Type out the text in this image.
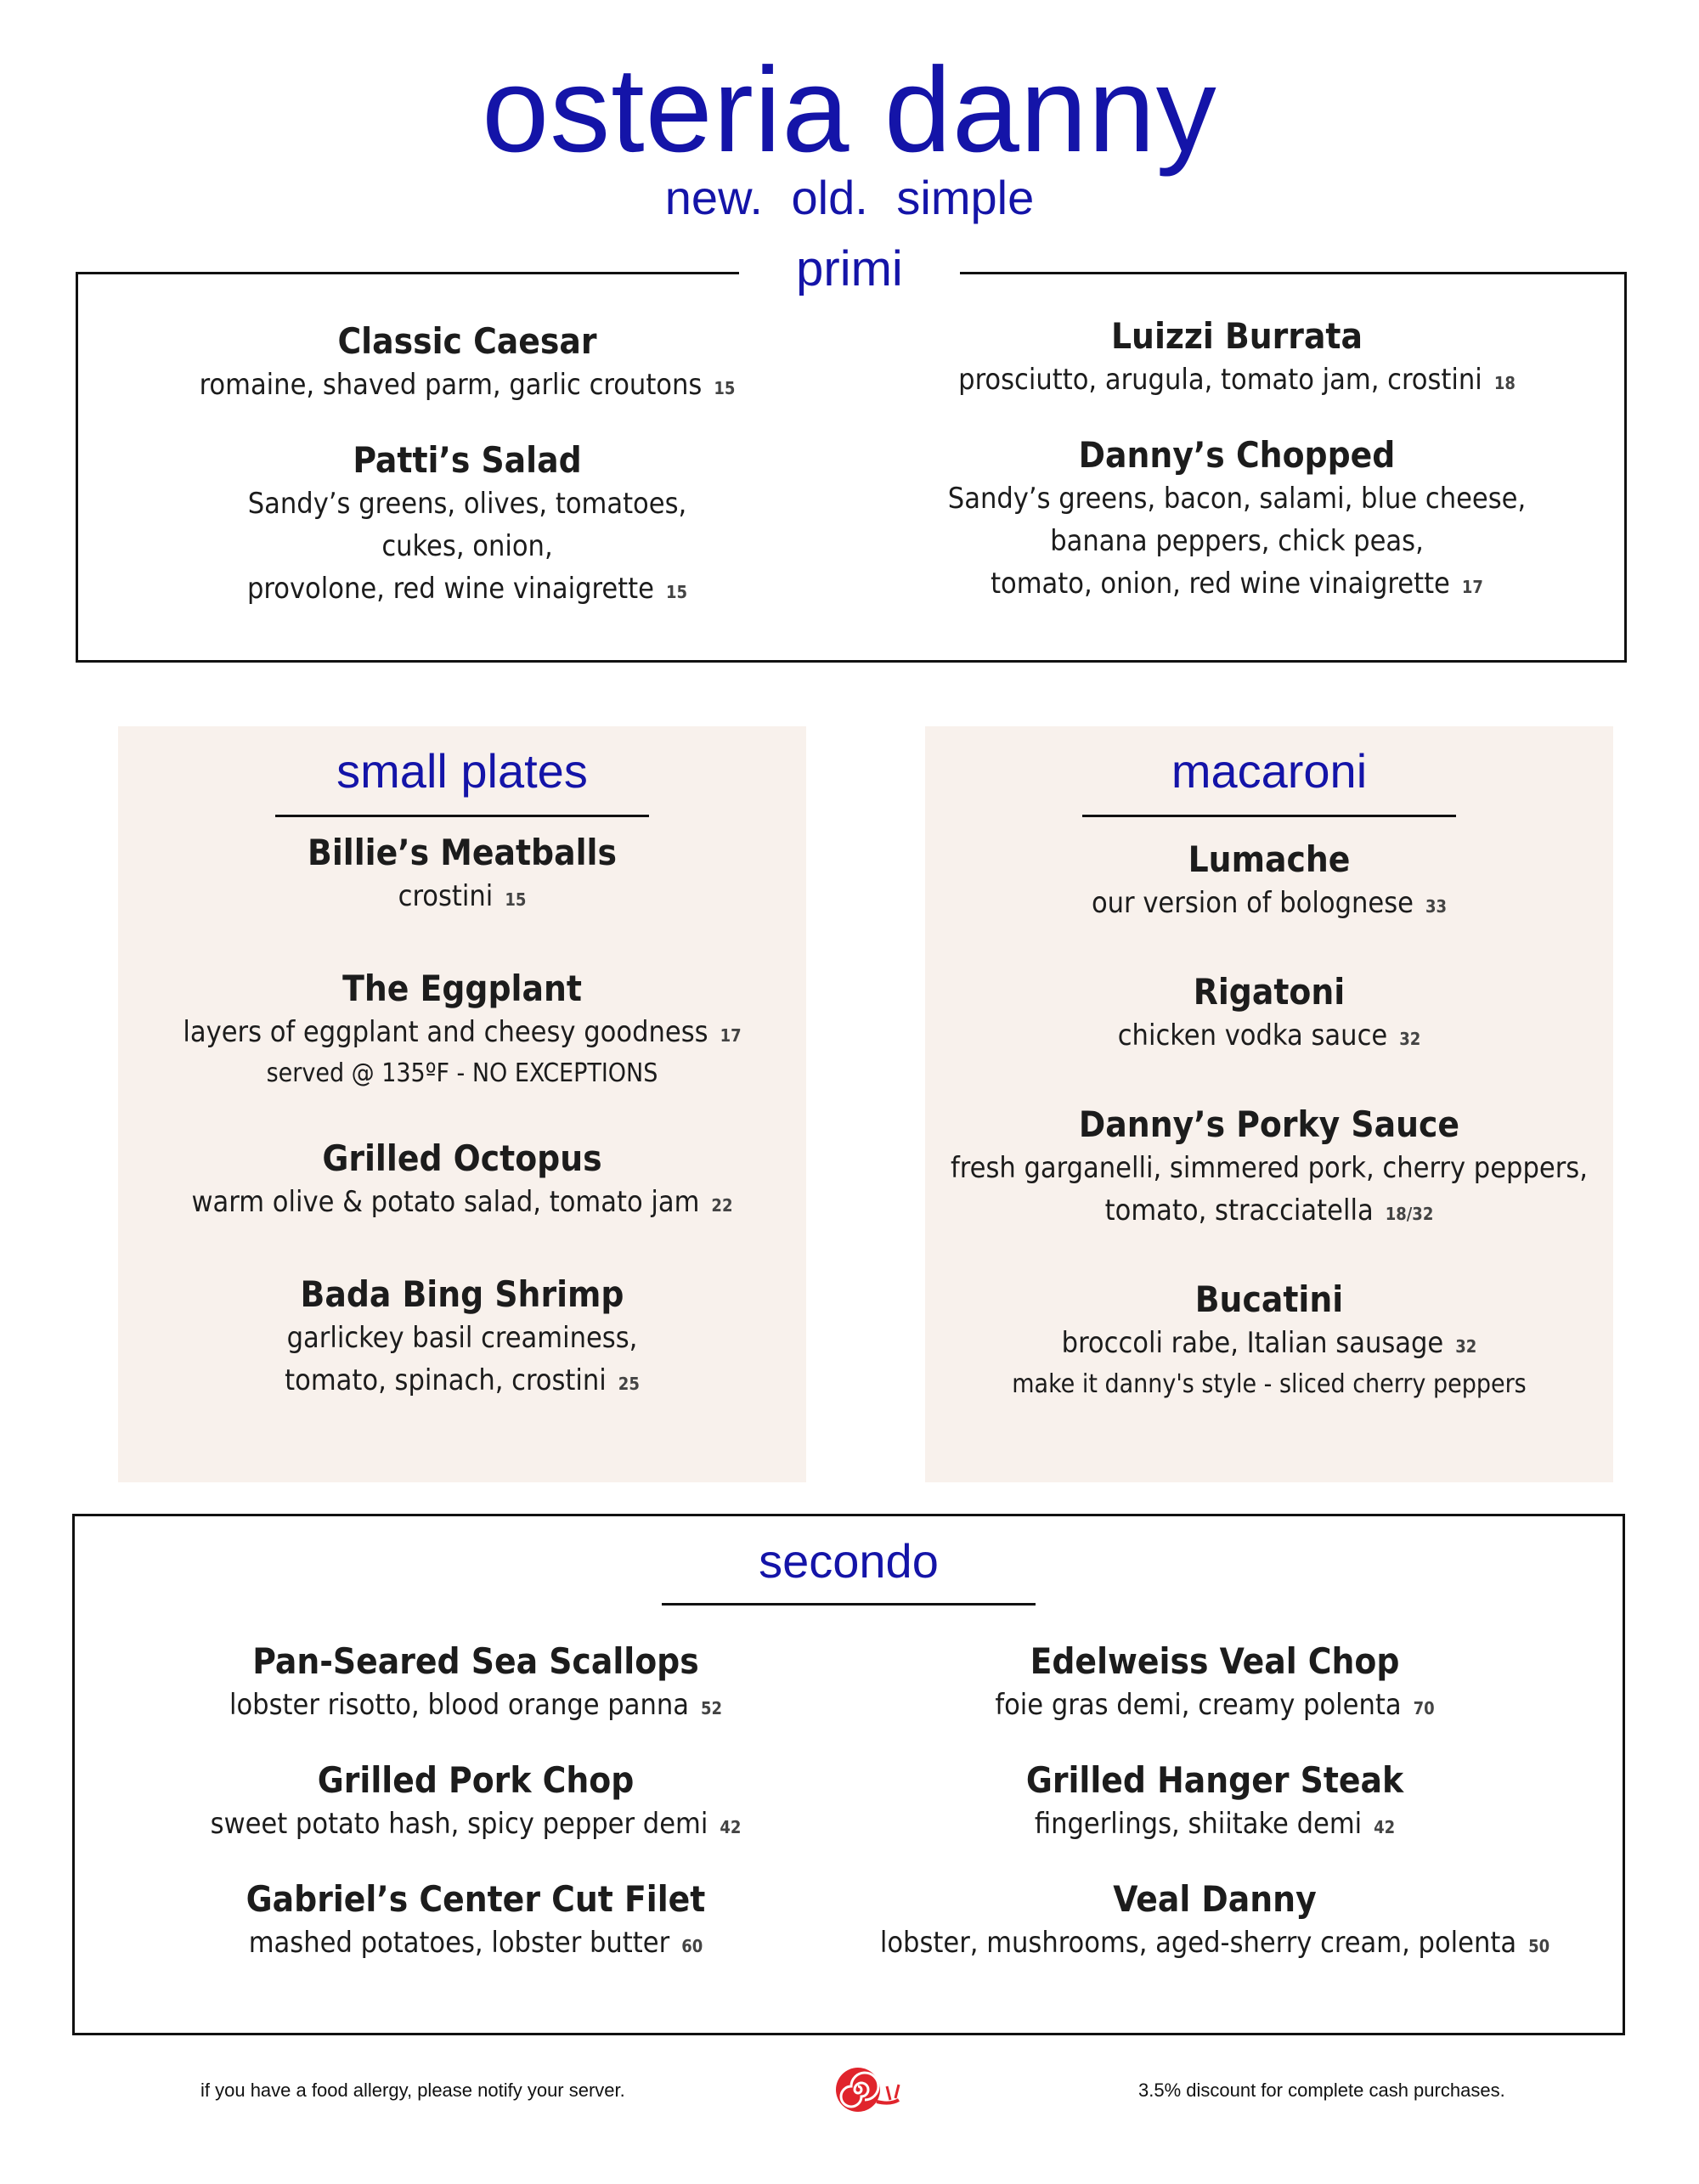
osteria danny
new. old. simple
primi
Classic Caesar
romaine, shaved parm, garlic croutons 15
Patti’s Salad
Sandy’s greens, olives, tomatoes,
cukes, onion,
provolone, red wine vinaigrette 15
Luizzi Burrata
prosciutto, arugula, tomato jam, crostini 18
Danny’s Chopped
Sandy’s greens, bacon, salami, blue cheese,
banana peppers, chick peas,
tomato, onion, red wine vinaigrette 17
small plates
Billie’s Meatballs
crostini 15
The Eggplant
layers of eggplant and cheesy goodness 17
served @ 135ºF - NO EXCEPTIONS
Grilled Octopus
warm olive & potato salad, tomato jam 22
Bada Bing Shrimp
garlickey basil creaminess,
tomato, spinach, crostini 25
macaroni
Lumache
our version of bolognese 33
Rigatoni
chicken vodka sauce 32
Danny’s Porky Sauce
fresh garganelli, simmered pork, cherry peppers,
tomato, stracciatella 18/32
Bucatini
broccoli rabe, Italian sausage 32
make it danny's style - sliced cherry peppers
secondo
Pan-Seared Sea Scallops
lobster risotto, blood orange panna 52
Grilled Pork Chop
sweet potato hash, spicy pepper demi 42
Gabriel’s Center Cut Filet
mashed potatoes, lobster butter 60
Edelweiss Veal Chop
foie gras demi, creamy polenta 70
Grilled Hanger Steak
fingerlings, shiitake demi 42
Veal Danny
lobster, mushrooms, aged-sherry cream, polenta 50
if you have a food allergy, please notify your server.	3.5% discount for complete cash purchases.
